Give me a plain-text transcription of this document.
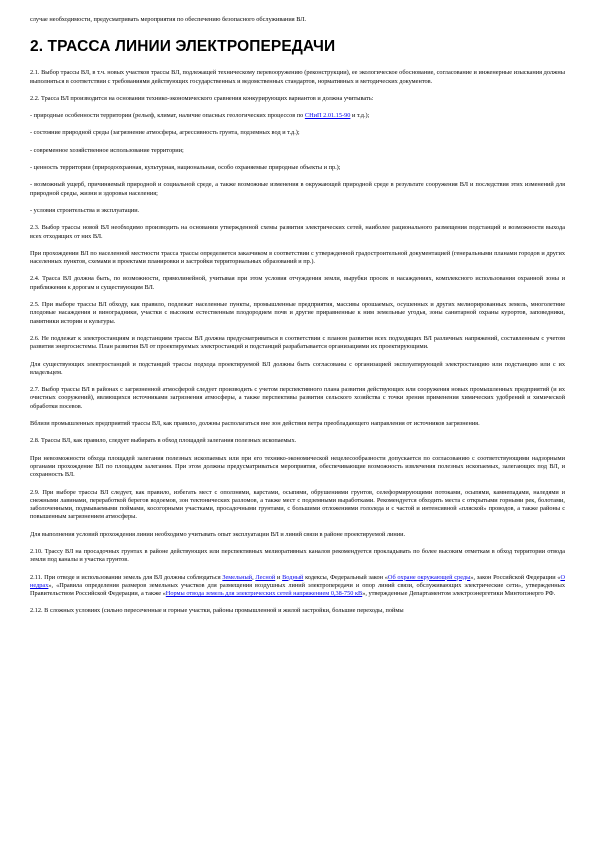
случае необходимости, предусматривать мероприятия по обеспечению безопасного обслуживания ВЛ.

2. ТРАССА ЛИНИИ ЭЛЕКТРОПЕРЕДАЧИ

2.1. Выбор трассы ВЛ, в т.ч. новых участков трассы ВЛ, подлежащей техническому перевооружению (реконструкции), ее экологическое обоснование, согласование и инженерные изыскания должны выполняться в соответствии с требованиями действующих государственных и ведомственных стандартов, нормативных и методических документов.

2.2. Трасса ВЛ производится на основании технико-экономического сравнения конкурирующих вариантов и должна учитывать:

- природные особенности территории (рельеф, климат, наличие опасных геологических процессов по СНиП 2.01.15-90 и т.д.);

- состояние природной среды (загрязнение атмосферы, агрессивность грунта, подземных вод и т.д.);

- современное хозяйственное использование территории;

- ценность территории (природоохранная, культурная, национальная, особо охраняемые природные объекты и пр.);

- возможный ущерб, причиняемый природной и социальной среде, а также возможные изменения в окружающей природной среде в результате сооружения ВЛ и последствия этих изменений для природной среды, жизни и здоровья населения;

- условия строительства и эксплуатации.

2.3. Выбор трассы новой ВЛ необходимо производить на основании утвержденной схемы развития электрических сетей, наиболее рационального размещения подстанций и возможности выхода всех отходящих от них ВЛ.

При прохождении ВЛ по населенной местности трасса трассы определяется заказчиком в соответствии с утвержденной градостроительной документацией (генеральными планами городов и других населенных пунктов, схемами и проектами планировки и застройки территориальных образований и пр.).

2.4. Трасса ВЛ должна быть, по возможности, прямолинейной, учитывая при этом условия отчуждения земли, вырубки просек в насаждениях, комплексного использования охранной зоны и приближения к дорогам и существующим ВЛ.

2.5. При выборе трассы ВЛ обходу, как правило, подлежат населенные пункты, промышленные предприятия, массивы орошаемых, осушенных и других мелиорированных земель, многолетние плодовые насаждения и виноградники, участки с высоким естественным плодородием почв и другие приравненные к ним земельные угодья, зоны санитарной охраны курортов, заповедники, памятники истории и культуры.

2.6. Не подлежат к электростанциям и подстанциям трассы ВЛ должна предусматриваться в соответствии с планом развития всех подходящих ВЛ различных напряжений, составленным с учетом развития энергосистемы. План развития ВЛ от проектируемых электростанций и подстанций разрабатывается организациями их проектирующими.

Для существующих электростанций и подстанций трассы подхода проектируемой ВЛ должны быть согласованы с организацией эксплуатирующей электростанцию или подстанцию или с их владельцем.

2.7. Выбор трассы ВЛ в районах с загрязненной атмосферой следует производить с учетом перспективного плана развития действующих или сооружения новых промышленных предприятий (и их очистных сооружений), являющихся источниками загрязнения атмосферы, а также перспективы развития сельского хозяйства с точки зрения применения химических удобрений и химической обработки посевов.

Вблизи промышленных предприятий трассы ВЛ, как правило, должны располагаться вне зон действия ветра преобладающего направления от источников загрязнения.

2.8. Трассы ВЛ, как правило, следует выбирать в обход площадей залегания полезных ископаемых.

При невозможности обхода площадей залегания полезных ископаемых или при его технико-экономической нецелесообразности допускается по согласованию с соответствующими надзорными органами прохождение ВЛ по площадям залегания. При этом должны предусматриваться мероприятия, обеспечивающие возможность извлечения полезных ископаемых, залегающих под ВЛ, и сохранность ВЛ.

2.9. При выборе трассы ВЛ следует, как правило, избегать мест с оползнями, карстами, осыпями, обрушениями грунтов, селеформирующими потоками, осыпями, камнепадами, наледями и снежными лавинами, переработкой берегов водоемов, зон тектонических разломов, а также мест с подземными выработками. Рекомендуется обходить места с открытыми горными рек, болотами, заболоченными, подмываемыми поймами, косогорными участками, просадочными грунтами, с большими отложениями гололеда и с частой и интенсивной «пляской» проводов, а также районы с повышенным загрязнением атмосферы.

Для выполнения условий прохождения линии необходимо учитывать опыт эксплуатации ВЛ и линий связи в районе проектируемой линии.

2.10. Трассу ВЛ на просадочных грунтах в районе действующих или перспективных мелиоративных каналов рекомендуется прокладывать по более высоким отметкам в обход территории отвода земли под каналы и участка грунтов.

2.11. При отводе и использовании земель для ВЛ должны соблюдаться Земельный, Лесной и Водный кодексы, Федеральный закон «Об охране окружающей среды», закон Российской Федерации «О недрах», «Правила определения размеров земельных участков для размещения воздушных линий электропередачи и опор линий связи, обслуживающих электрические сети», утвержденных Правительством Российской Федерации, а также «Нормы отвода земель для электрических сетей напряжением 0,38-750 кВ», утвержденные Департаментом электроэнергетики Минтопэнерго РФ.

2.12. В сложных условиях (сильно пересеченные и горные участки, районы промышленной и жилой застройки, большие переходы, поймы
